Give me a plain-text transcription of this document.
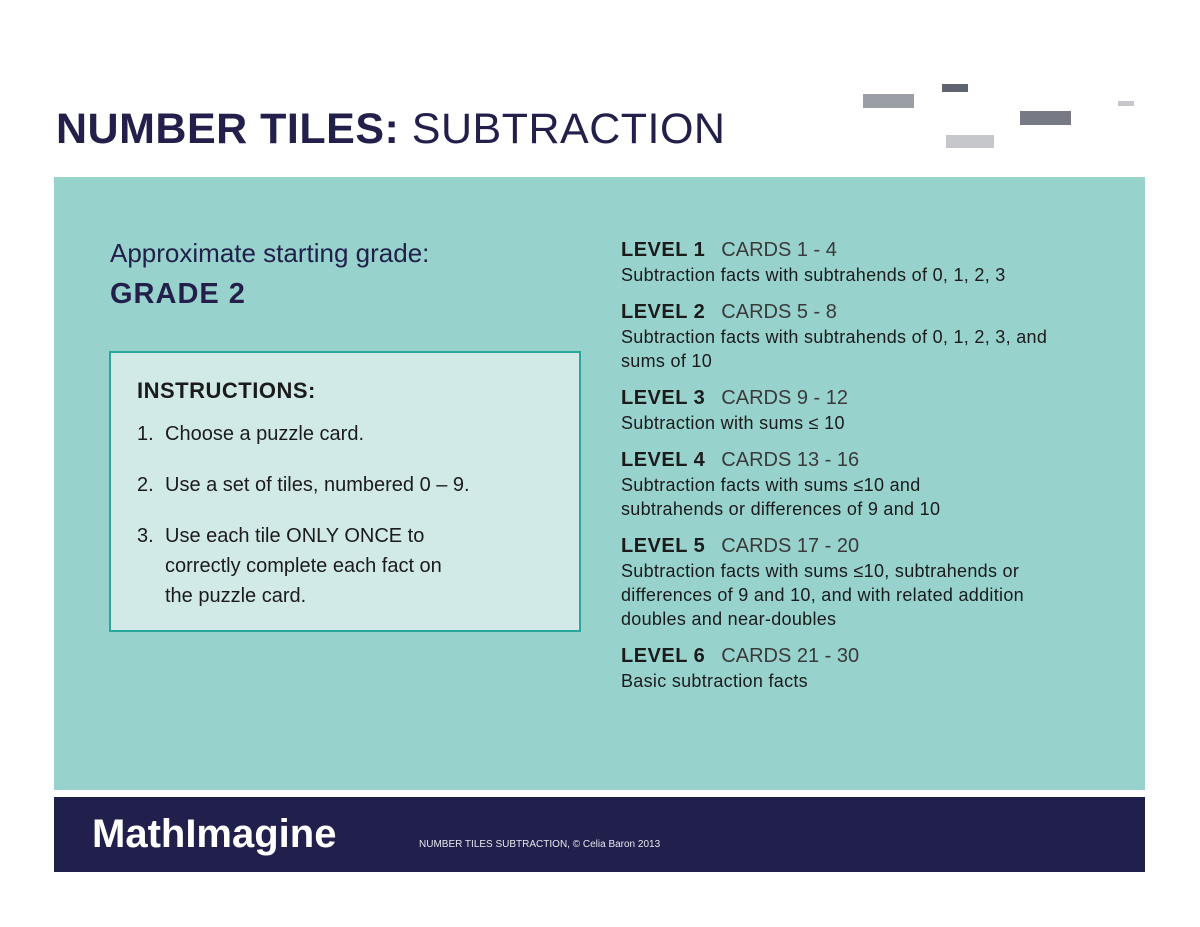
NUMBER TILES: SUBTRACTION
Approximate starting grade:
GRADE 2
INSTRUCTIONS:
1. Choose a puzzle card.
2. Use a set of tiles, numbered 0 – 9.
3. Use each tile ONLY ONCE to correctly complete each fact on the puzzle card.
LEVEL 1 CARDS 1 - 4
Subtraction facts with subtrahends of 0, 1, 2, 3
LEVEL 2 CARDS 5 - 8
Subtraction facts with subtrahends of 0, 1, 2, 3, and sums of 10
LEVEL 3 CARDS 9 - 12
Subtraction with sums ≤ 10
LEVEL 4 CARDS 13 - 16
Subtraction facts with sums ≤10 and subtrahends or differences of 9 and 10
LEVEL 5 CARDS 17 - 20
Subtraction facts with sums ≤10, subtrahends or differences of 9 and 10, and with related addition doubles and near-doubles
LEVEL 6 CARDS 21 - 30
Basic subtraction facts
MathImagine	NUMBER TILES SUBTRACTION, © Celia Baron 2013
